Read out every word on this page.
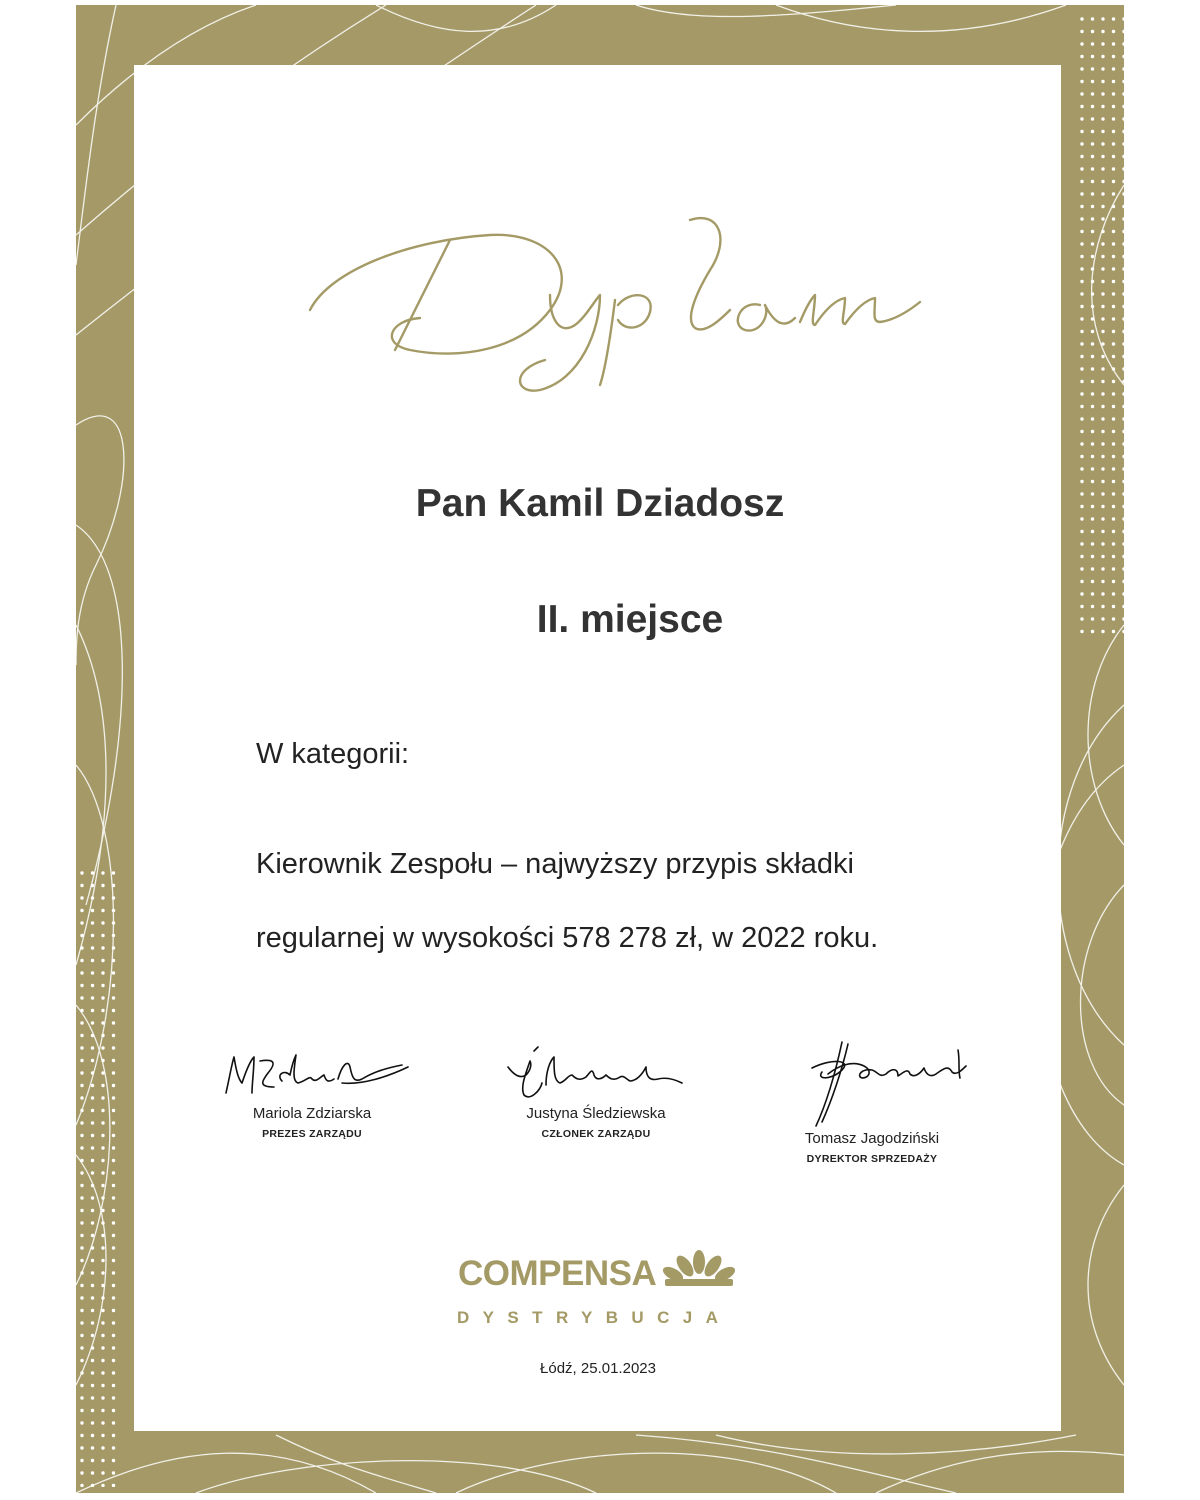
Pan Kamil Dziadosz

II. miejsce

W kategorii:
Kierownik Zespołu – najwyższy przypis składki
regularnej w wysokości 578 278 zł, w 2022 roku.
Mariola Zdziarska
PREZES ZARZĄDU
Justyna Śledziewska
CZŁONEK ZARZĄDU	Tomasz Jagodziński
DYREKTOR SPRZEDAŻY
COMPENSA
DYSTRYBUCJA
Łódź, 25.01.2023
